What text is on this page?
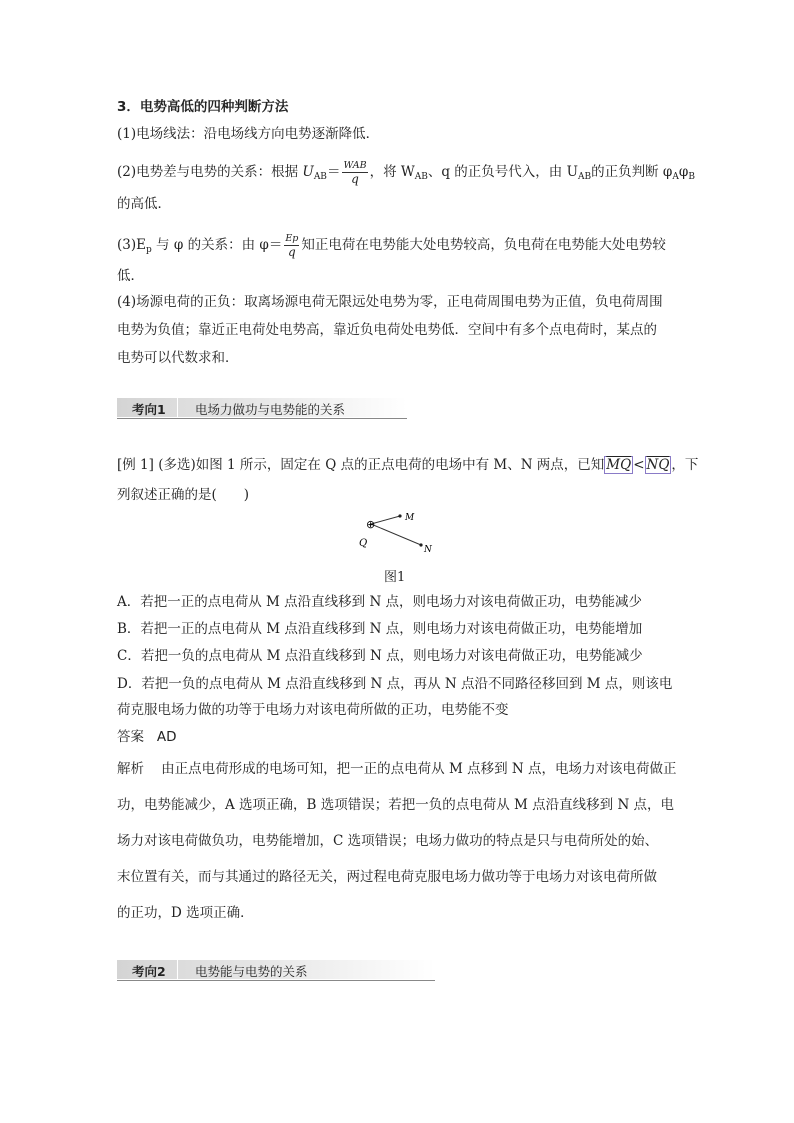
3．电势高低的四种判断方法
(1)电场线法：沿电场线方向电势逐渐降低．
(2)电势差与电势的关系：根据 $U_{AB}= \frac{\text{WAB}}{q}$ ，将 $W_{AB}$、q 的正负号代入，由 $U_{AB}$的正负判断 $\varphi_A\varphi_B$
的高低．
$(3)E_p$ 与 φ 的关系：由 $\varphi= \frac{Ep}{q}$ 知正电荷在电势能大处电势较高，负电荷在电势能大处电势较
低．
(4)场源电荷的正负：取离场源电荷无限远处电势为零，正电荷周围电势为正值，负电荷周围
电势为负值；靠近正电荷处电势高，靠近负电荷处电势低．空间中有多个点电荷时，某点的
电势可以代数求和．
考向1 电场力做功与电势能的关系
[例 1] (多选)如图 1 所示，固定在 Q 点的正点电荷的电场中有 M、N 两点，已知 $\overline{MQ} < \overline{NQ}$ ，下
列叙述正确的是(　　)
⊕
Q
M
N
图1
A．若把一正的点电荷从 M 点沿直线移到 N 点，则电场力对该电荷做正功，电势能减少
B．若把一正的点电荷从 M 点沿直线移到 N 点，则电场力对该电荷做正功，电势能增加
C．若把一负的点电荷从 M 点沿直线移到 N 点，则电场力对该电荷做正功，电势能减少
D．若把一负的点电荷从 M 点沿直线移到 N 点，再从 N 点沿不同路径移回到 M 点，则该电
荷克服电场力做的功等于电场力对该电荷所做的正功，电势能不变
答案 AD
解析 由正点电荷形成的电场可知，把一正的点电荷从 M 点移到 N 点，电场力对该电荷做正
功，电势能减少，A 选项正确，B 选项错误；若把一负的点电荷从 M 点沿直线移到 N 点，电
场力对该电荷做负功，电势能增加，C 选项错误；电场力做功的特点是只与电荷所处的始、
末位置有关，而与其通过的路径无关，两过程电荷克服电场力做功等于电场力对该电荷所做
的正功，D 选项正确．
考向2 电势能与电势的关系
